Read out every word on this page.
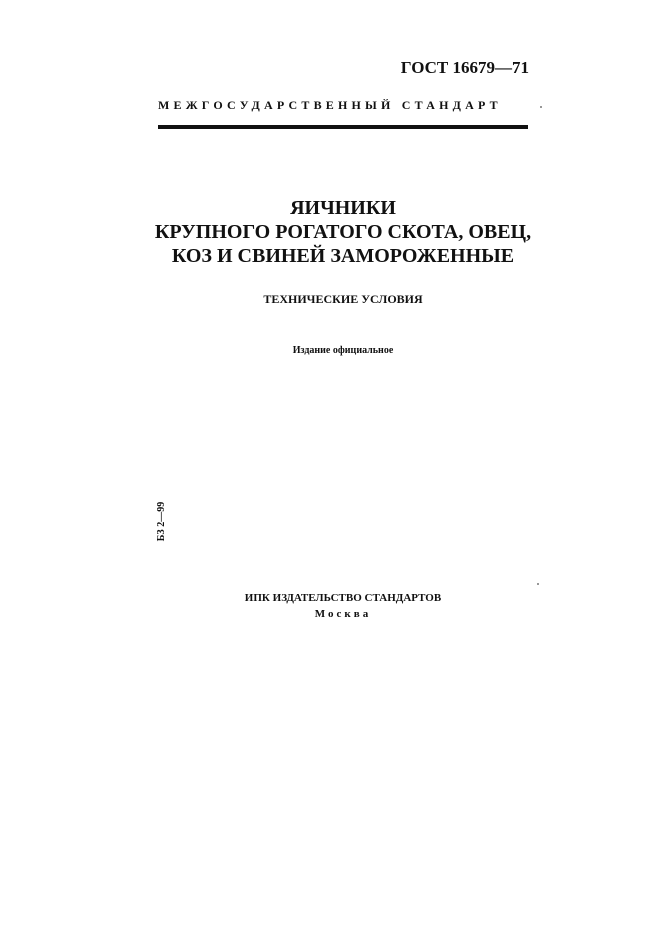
ГОСТ 16679—71
МЕЖГОСУДАРСТВЕННЫЙ СТАНДАРТ
ЯИЧНИКИ
КРУПНОГО РОГАТОГО СКОТА, ОВЕЦ,
КОЗ И СВИНЕЙ ЗАМОРОЖЕННЫЕ
ТЕХНИЧЕСКИЕ УСЛОВИЯ
Издание официальное
БЗ 2—99
ИПК ИЗДАТЕЛЬСТВО СТАНДАРТОВ
Москва
